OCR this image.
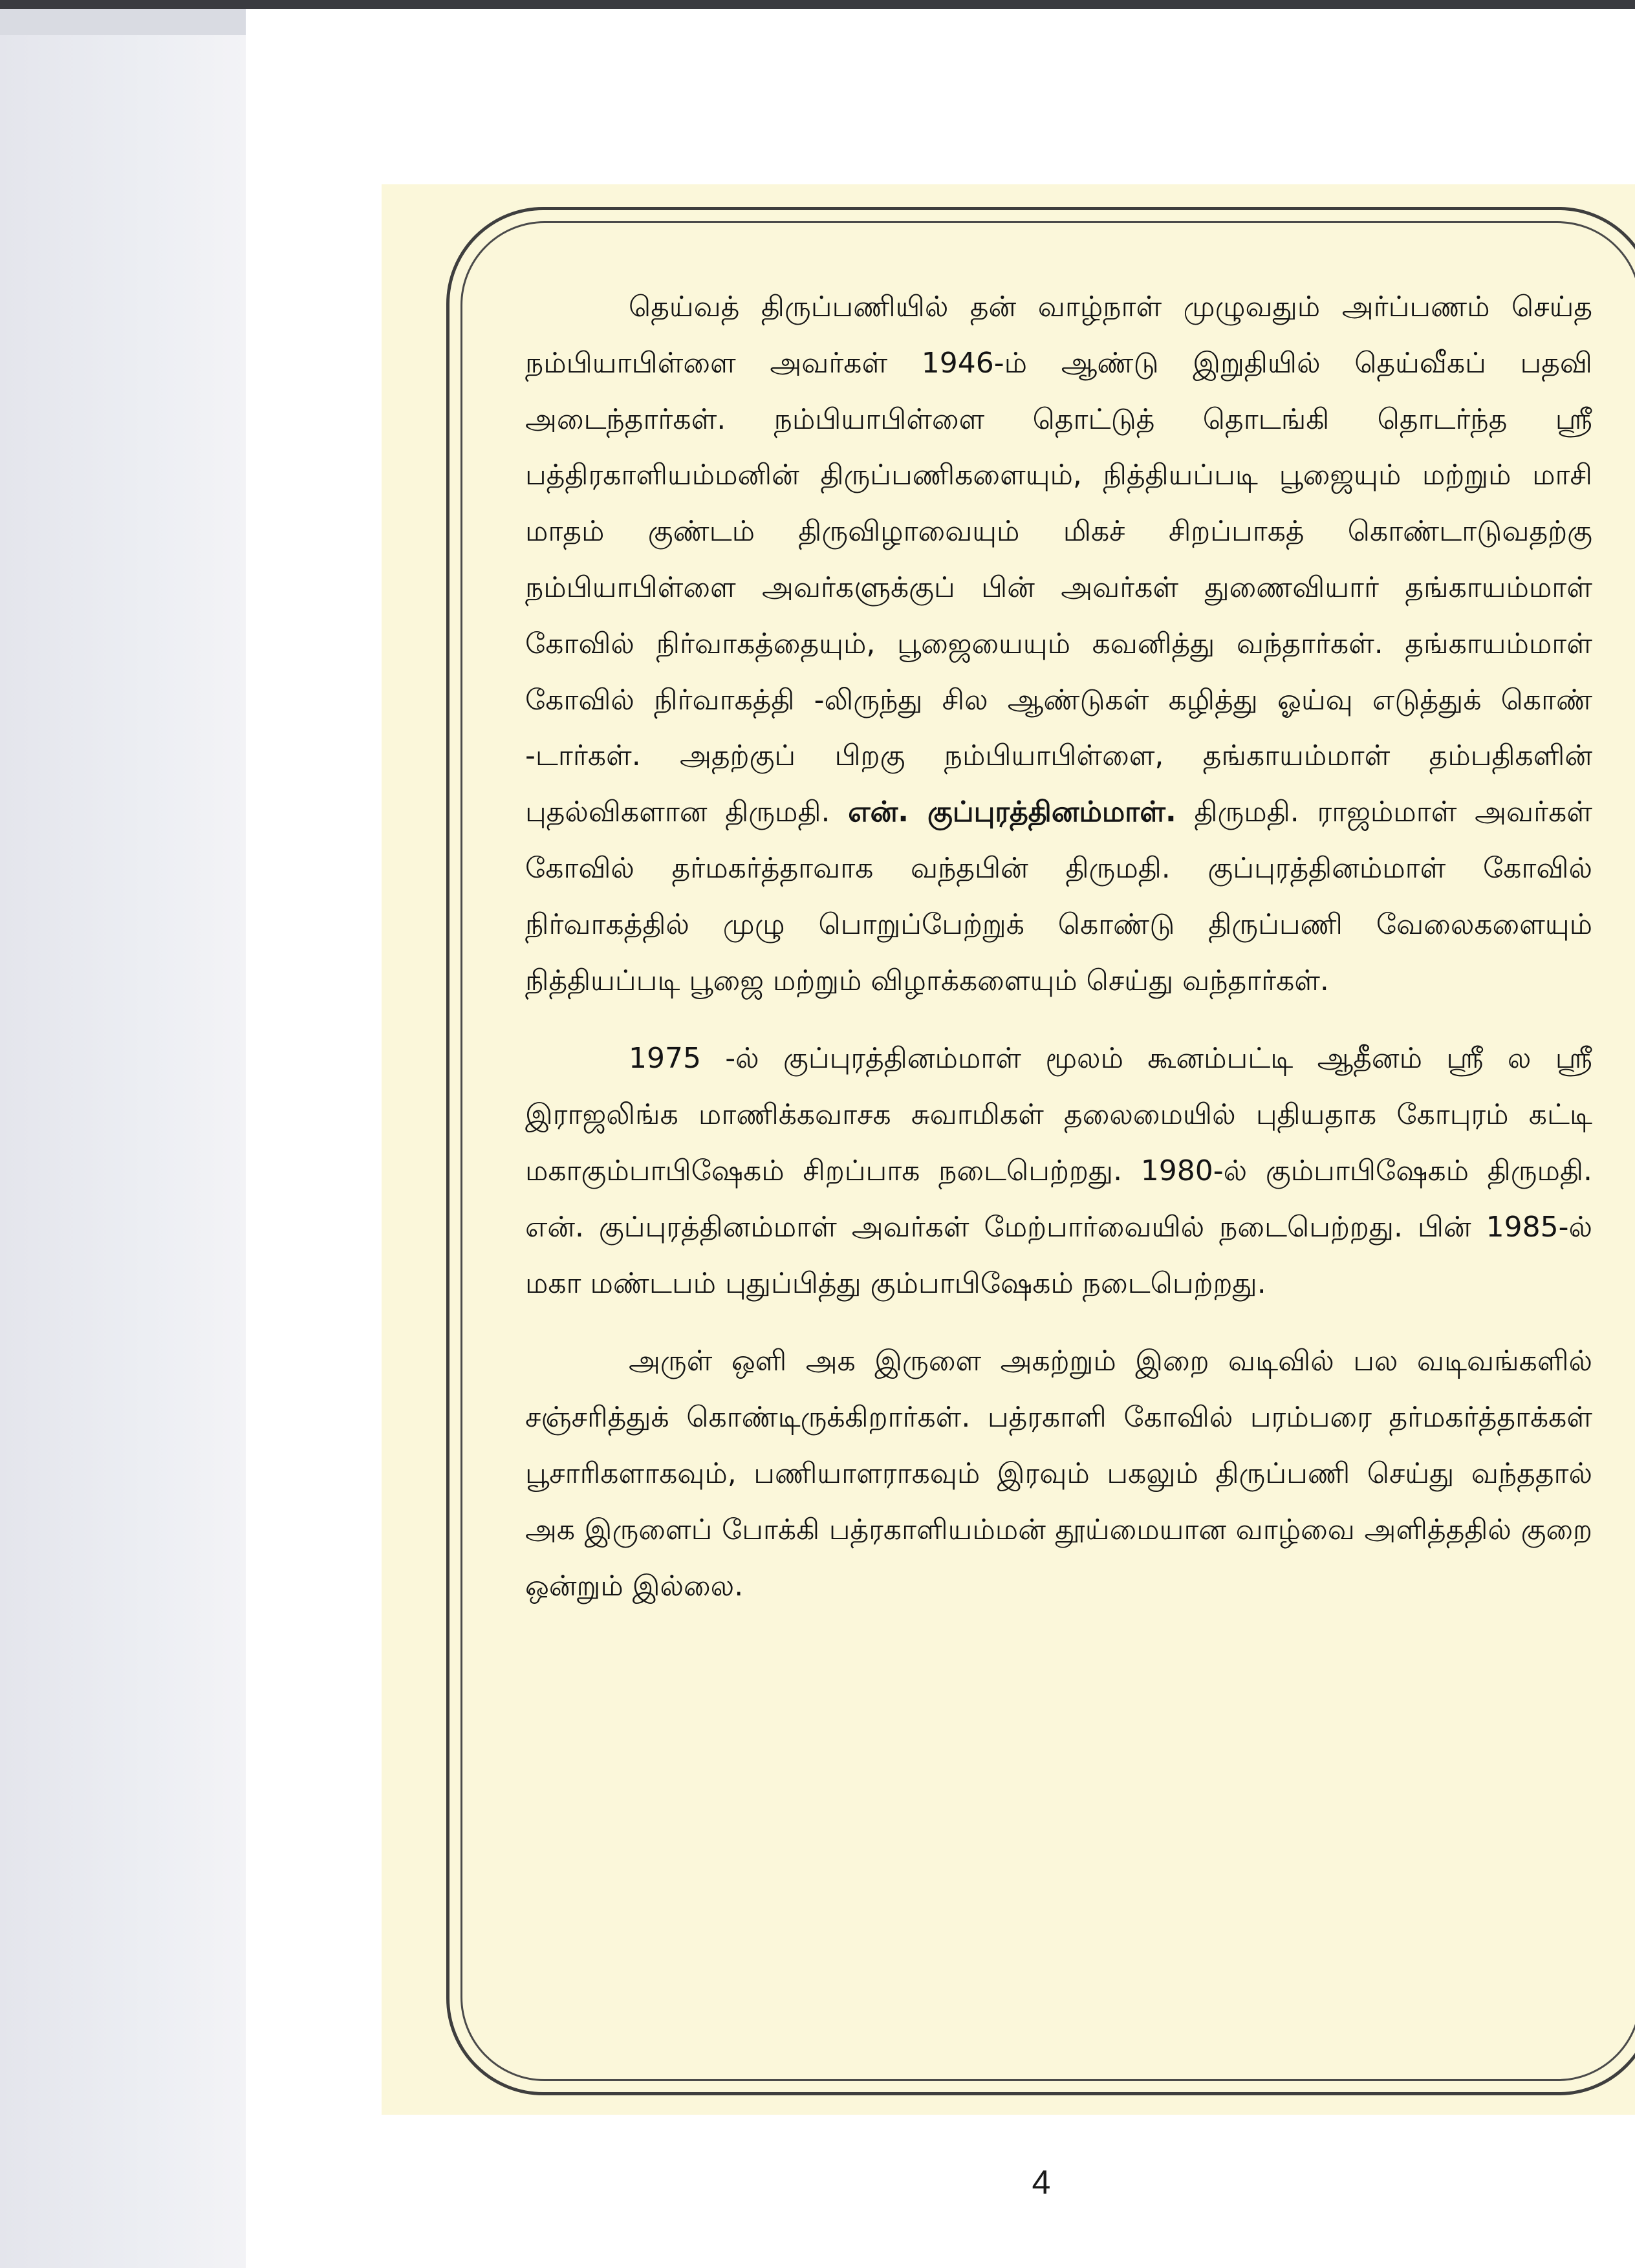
தெய்வத் திருப்பணியில் தன் வாழ்நாள் முழுவதும் அர்ப்பணம் செய்த நம்பியாபிள்ளை அவர்கள் 1946-ம் ஆண்டு இறுதியில் தெய்வீகப் பதவி அடைந்தார்கள். நம்பியாபிள்ளை தொட்டுத் தொடங்கி தொடர்ந்த ஸ்ரீ பத்திரகாளியம்மனின் திருப்பணிகளையும், நித்தியப்படி பூஜையும் மற்றும் மாசி மாதம் குண்டம் திருவிழாவையும் மிகச் சிறப்பாகத் கொண்டாடுவதற்கு நம்பியாபிள்ளை அவர்களுக்குப் பின் அவர்கள் துணைவியார் தங்காயம்மாள் கோவில் நிர்வாகத்தையும், பூஜையையும் கவனித்து வந்தார்கள். தங்காயம்மாள் கோவில் நிர்வாகத்தி -லிருந்து சில ஆண்டுகள் கழித்து ஓய்வு எடுத்துக் கொண் -டார்கள். அதற்குப் பிறகு நம்பியாபிள்ளை, தங்காயம்மாள் தம்பதிகளின் புதல்விகளான திருமதி. என். குப்புரத்தினம்மாள். திருமதி. ராஜம்மாள் அவர்கள் கோவில் தர்மகர்த்தாவாக வந்தபின் திருமதி. குப்புரத்தினம்மாள் கோவில் நிர்வாகத்தில் முழு பொறுப்பேற்றுக் கொண்டு திருப்பணி வேலைகளையும் நித்தியப்படி பூஜை மற்றும் விழாக்களையும் செய்து வந்தார்கள்.

1975 -ல் குப்புரத்தினம்மாள் மூலம் கூனம்பட்டி ஆதீனம் ஸ்ரீ ல ஸ்ரீ இராஜலிங்க மாணிக்கவாசக சுவாமிகள் தலைமையில் புதியதாக கோபுரம் கட்டி மகாகும்பாபிஷேகம் சிறப்பாக நடைபெற்றது. 1980-ல் கும்பாபிஷேகம் திருமதி. என். குப்புரத்தினம்மாள் அவர்கள் மேற்பார்வையில் நடைபெற்றது. பின் 1985-ல் மகா மண்டபம் புதுப்பித்து கும்பாபிஷேகம் நடைபெற்றது.

அருள் ஒளி அக இருளை அகற்றும் இறை வடிவில் பல வடிவங்களில் சஞ்சரித்துக் கொண்டிருக்கிறார்கள். பத்ரகாளி கோவில் பரம்பரை தர்மகர்த்தாக்கள் பூசாரிகளாகவும், பணியாளராகவும் இரவும் பகலும் திருப்பணி செய்து வந்ததால் அக இருளைப் போக்கி பத்ரகாளியம்மன் தூய்மையான வாழ்வை அளித்ததில் குறை ஒன்றும் இல்லை.

4
